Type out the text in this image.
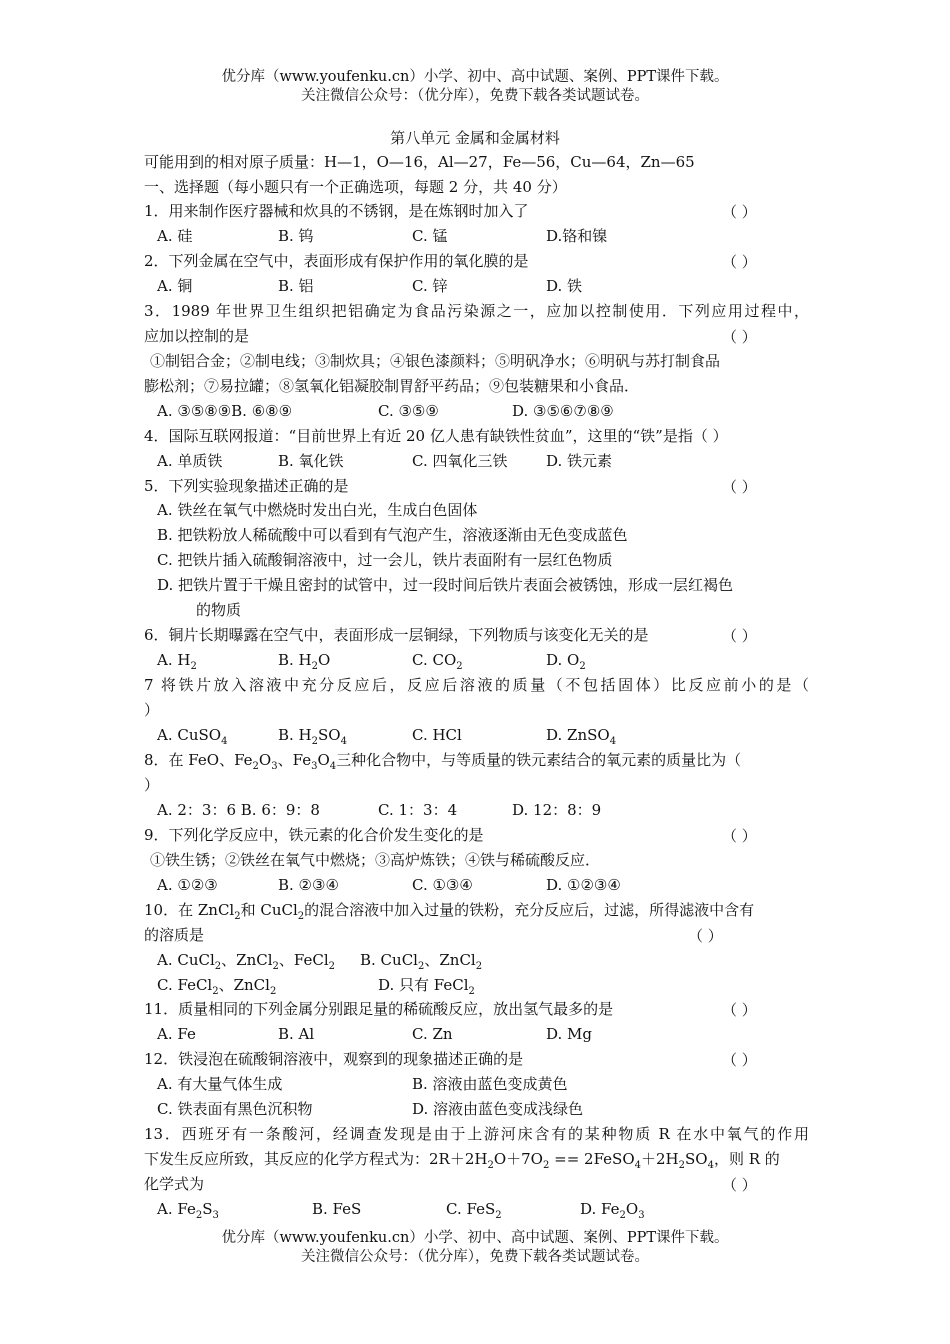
优分库（www.youfenku.cn）小学、初中、高中试题、案例、PPT课件下载。
关注微信公众号：（优分库），免费下载各类试题试卷。
第八单元 金属和金属材料
可能用到的相对原子质量：H—1，O—16，Al—27，Fe—56，Cu—64，Zn—65
一、选择题（每小题只有一个正确选项，每题 2 分，共 40 分）
1．用来制作医疗器械和炊具的不锈钢，是在炼钢时加入了	（ ）
A. 硅	B. 钨	C. 锰	D.铬和镍
2．下列金属在空气中，表面形成有保护作用的氧化膜的是	（ ）
A. 铜	B. 铝	C. 锌	D. 铁
3．1989 年世界卫生组织把铝确定为食品污染源之一，应加以控制使用．下列应用过程中，
应加以控制的是	（ ）
①制铝合金；②制电线；③制炊具；④银色漆颜料；⑤明矾净水；⑥明矾与苏打制食品
膨松剂；⑦易拉罐；⑧氢氧化铝凝胶制胃舒平药品；⑨包装糖果和小食品．
A. ③⑤⑧⑨B. ⑥⑧⑨	C. ③⑤⑨	D. ③⑤⑥⑦⑧⑨
4．国际互联网报道：“目前世界上有近 20 亿人患有缺铁性贫血”，这里的“铁”是指（ ）
A. 单质铁	B. 氧化铁	C. 四氧化三铁	D. 铁元素
5．下列实验现象描述正确的是	（ ）
A. 铁丝在氧气中燃烧时发出白光，生成白色固体
B. 把铁粉放人稀硫酸中可以看到有气泡产生，溶液逐渐由无色变成蓝色
C. 把铁片插入硫酸铜溶液中，过一会儿，铁片表面附有一层红色物质
D. 把铁片置于干燥且密封的试管中，过一段时间后铁片表面会被锈蚀，形成一层红褐色
的物质
6．铜片长期曝露在空气中，表面形成一层铜绿，下列物质与该变化无关的是	（ ）
A. $H_2$	B. $H_2O$	C. $CO_2$	D. $O_2$
7 将铁片放入溶液中充分反应后，反应后溶液的质量（不包括固体）比反应前小的是（
）
A. CuSO$_4$	B. $H_2SO_4$	C. HCl	D. ZnSO$_4$
8．在 FeO、$Fe_2O_3$、$Fe_3O_4$三种化合物中，与等质量的铁元素结合的氧元素的质量比为（
）
A. 2：3：6 B. 6：9：8	C. 1：3：4	D. 12：8：9
9．下列化学反应中，铁元素的化合价发生变化的是	（ ）
①铁生锈；②铁丝在氧气中燃烧；③高炉炼铁；④铁与稀硫酸反应．
A. ①②③	B. ②③④	C. ①③④	D. ①②③④
10．在 ZnCl$_2$和 CuCl$_2$的混合溶液中加入过量的铁粉，充分反应后，过滤，所得滤液中含有
的溶质是	（ ）
A. CuCl$_2$、ZnCl$_2$、FeCl$_2$ B. CuCl$_2$、ZnCl$_2$
C. FeCl$_2$、ZnCl$_2$	D. 只有 FeCl$_2$
11．质量相同的下列金属分别跟足量的稀硫酸反应，放出氢气最多的是	（ ）
A. Fe	B. Al	C. Zn	D. Mg
12．铁浸泡在硫酸铜溶液中，观察到的现象描述正确的是	（ ）
A. 有大量气体生成	B. 溶液由蓝色变成黄色
C. 铁表面有黑色沉积物	D. 溶液由蓝色变成浅绿色
13．西班牙有一条酸河，经调查发现是由于上游河床含有的某种物质 R 在水中氧气的作用
下发生反应所致，其反应的化学方程式为：$2R+2H_2O+7O_2$ == $2FeSO_4+2H_2SO_4$，则 R 的
化学式为	（ ）
A. $Fe_2S_3$	B. FeS	C. FeS$_2$	D. $Fe_2O_3$
优分库（www.youfenku.cn）小学、初中、高中试题、案例、PPT课件下载。
关注微信公众号：（优分库），免费下载各类试题试卷。
